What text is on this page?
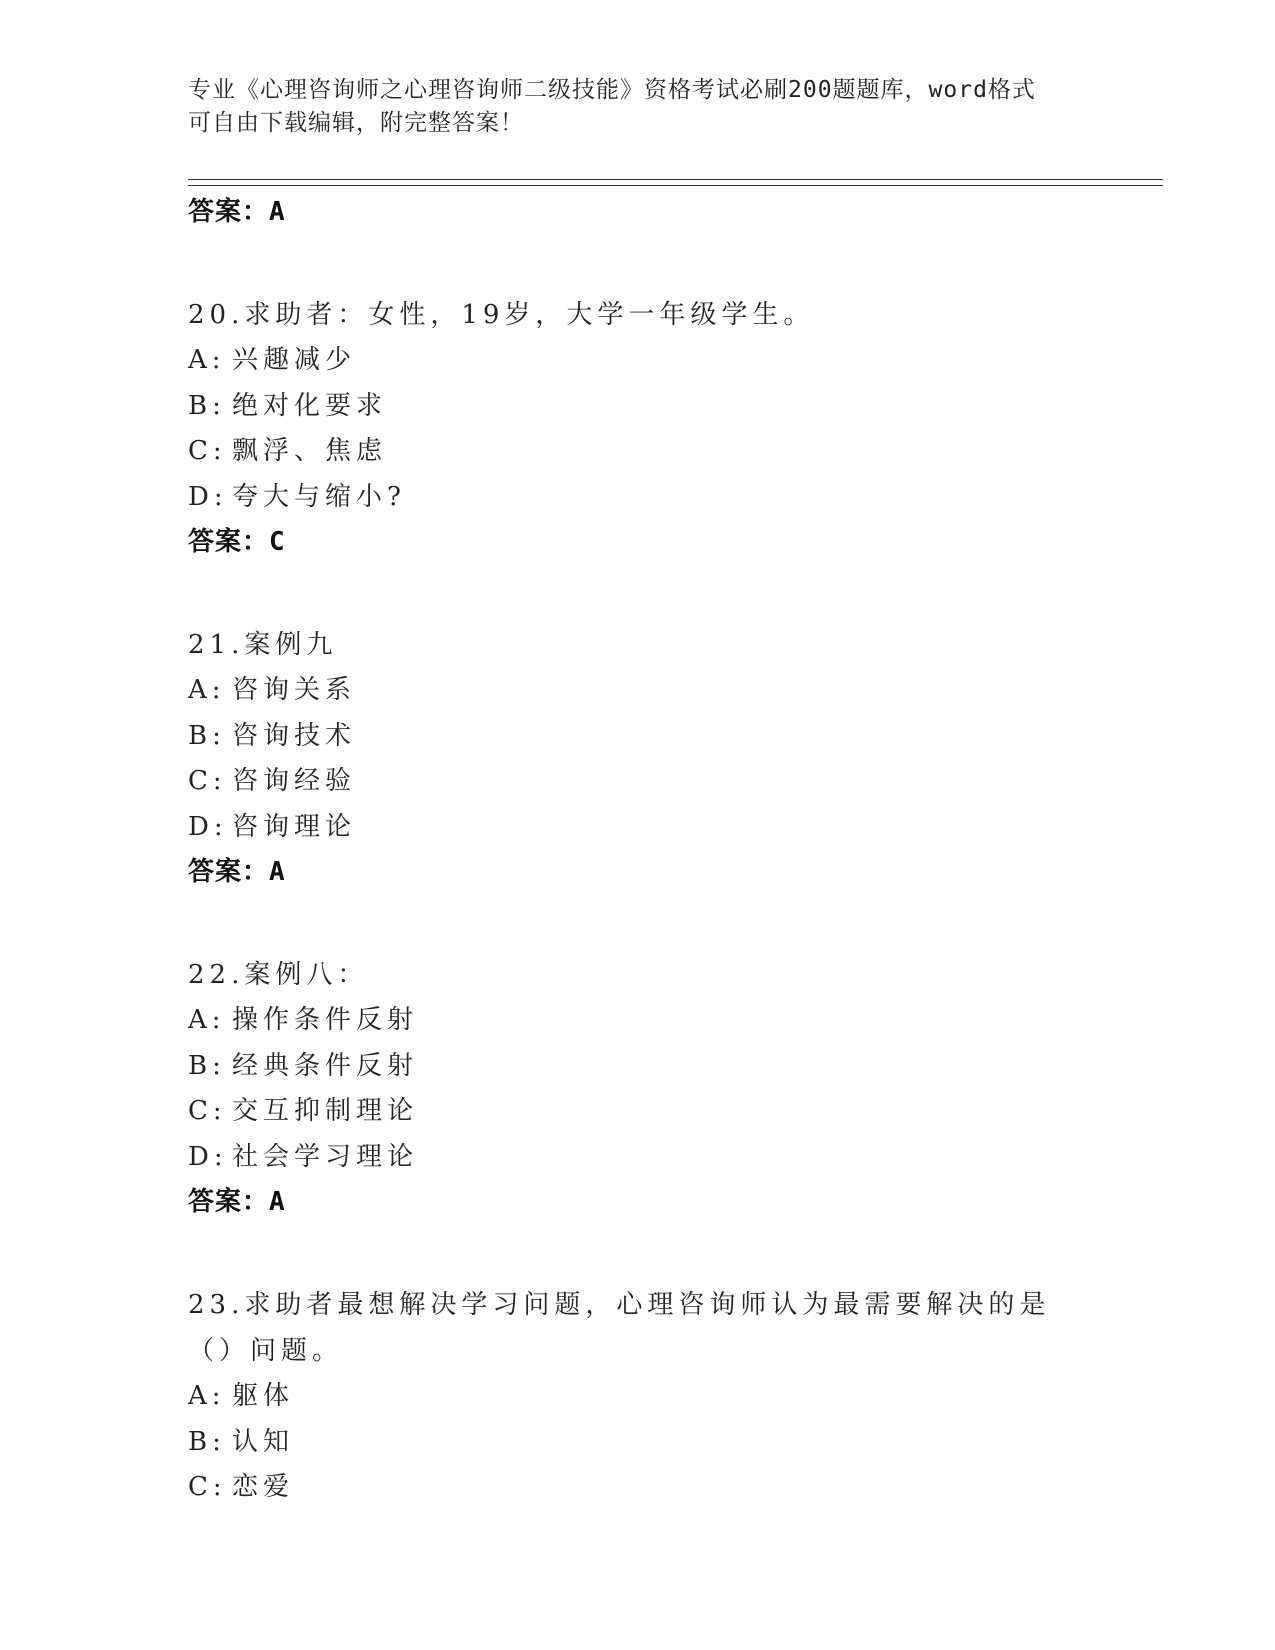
专业《心理咨询师之心理咨询师二级技能》资格考试必刷200题题库，word格式
可自由下载编辑，附完整答案！
答案：A
20.求助者：女性，19岁，大学一年级学生。
A: 兴趣减少
B: 绝对化要求
C: 飘浮、焦虑
D: 夸大与缩小?
答案：C
21.案例九
A: 咨询关系
B: 咨询技术
C: 咨询经验
D: 咨询理论
答案：A
22.案例八：
A: 操作条件反射
B: 经典条件反射
C: 交互抑制理论
D: 社会学习理论
答案：A
23.求助者最想解决学习问题，心理咨询师认为最需要解决的是（）问题。
A: 躯体
B: 认知
C: 恋爱
